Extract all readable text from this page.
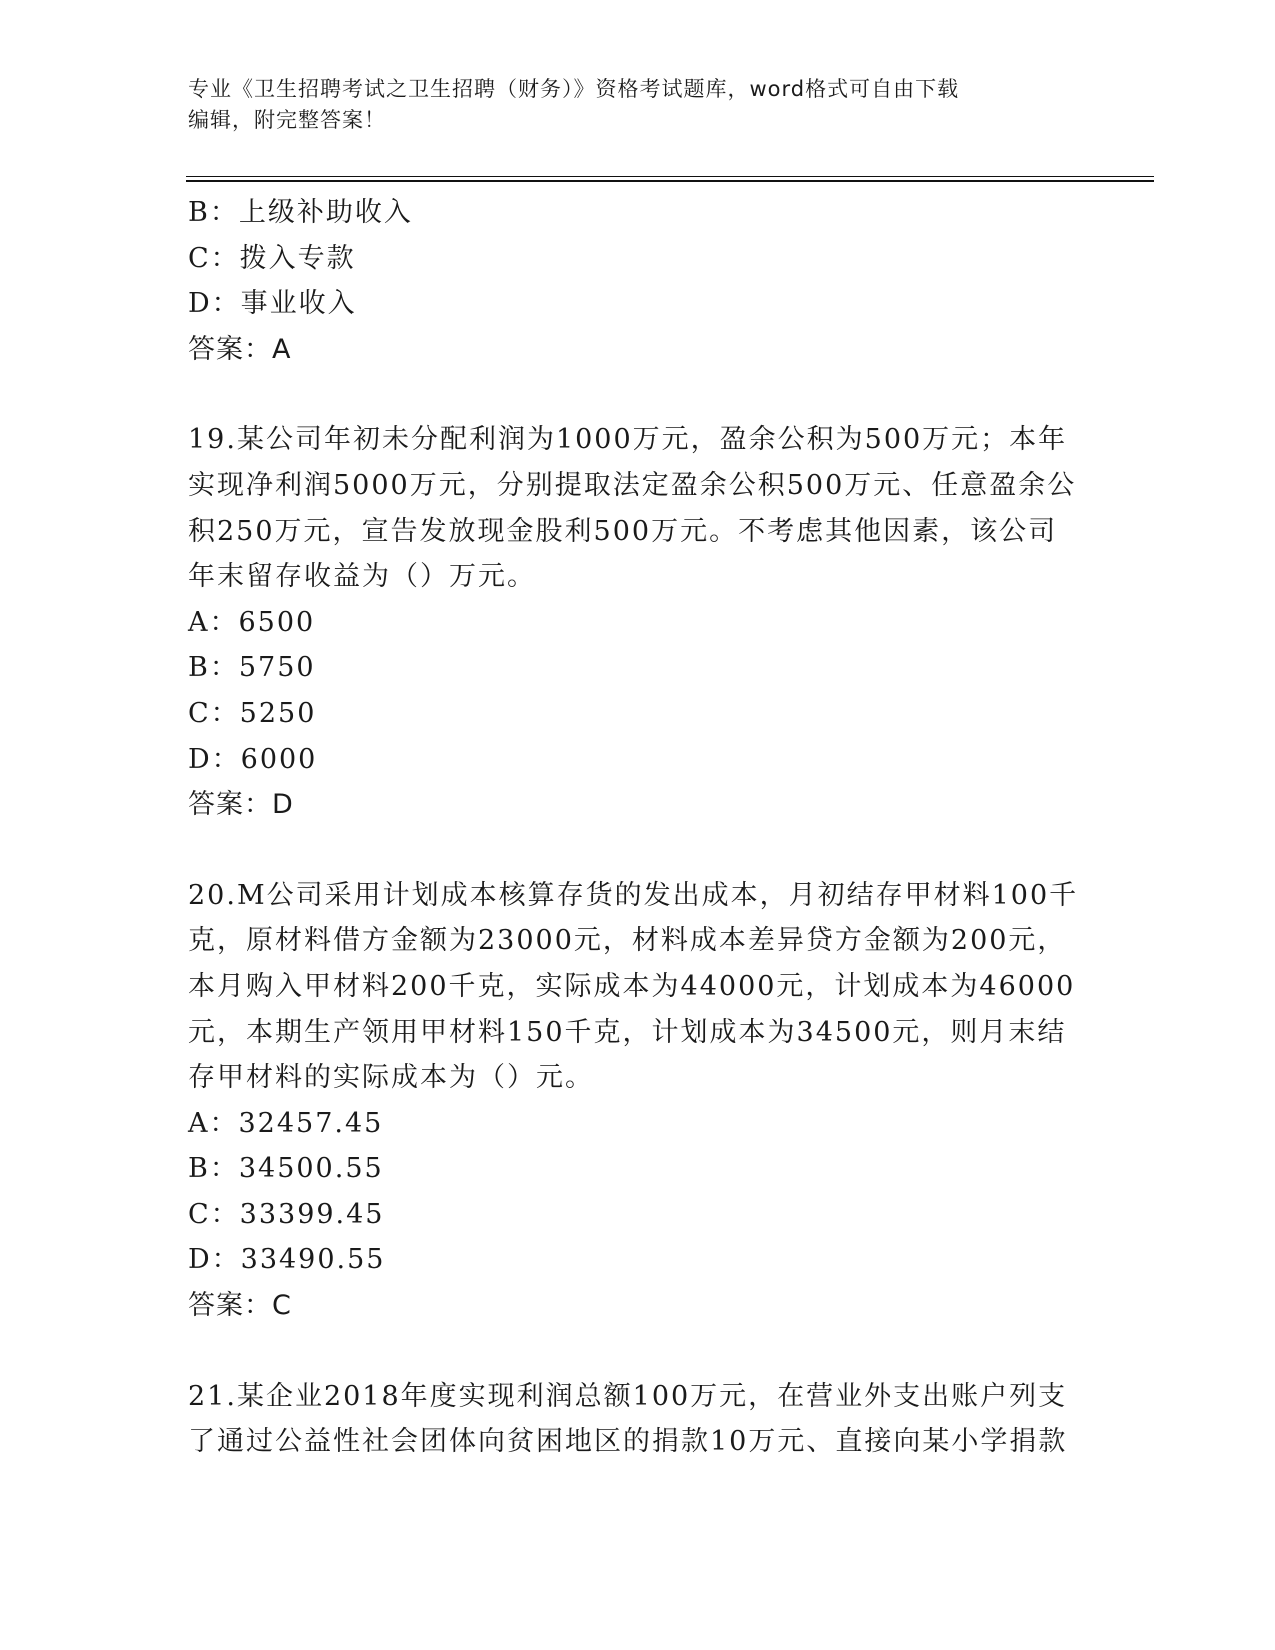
专业《卫生招聘考试之卫生招聘（财务）》资格考试题库，word格式可自由下载
编辑，附完整答案！
B：上级补助收入
C：拨入专款
D：事业收入
答案：A
19.某公司年初未分配利润为1000万元，盈余公积为500万元；本年
实现净利润5000万元，分别提取法定盈余公积500万元、任意盈余公
积250万元，宣告发放现金股利500万元。不考虑其他因素，该公司
年末留存收益为（）万元。
A：6500
B：5750
C：5250
D：6000
答案：D
20.M公司采用计划成本核算存货的发出成本，月初结存甲材料100千
克，原材料借方金额为23000元，材料成本差异贷方金额为200元，
本月购入甲材料200千克，实际成本为44000元，计划成本为46000
元，本期生产领用甲材料150千克，计划成本为34500元，则月末结
存甲材料的实际成本为（）元。
A：32457.45
B：34500.55
C：33399.45
D：33490.55
答案：C
21.某企业2018年度实现利润总额100万元，在营业外支出账户列支
了通过公益性社会团体向贫困地区的捐款10万元、直接向某小学捐款
